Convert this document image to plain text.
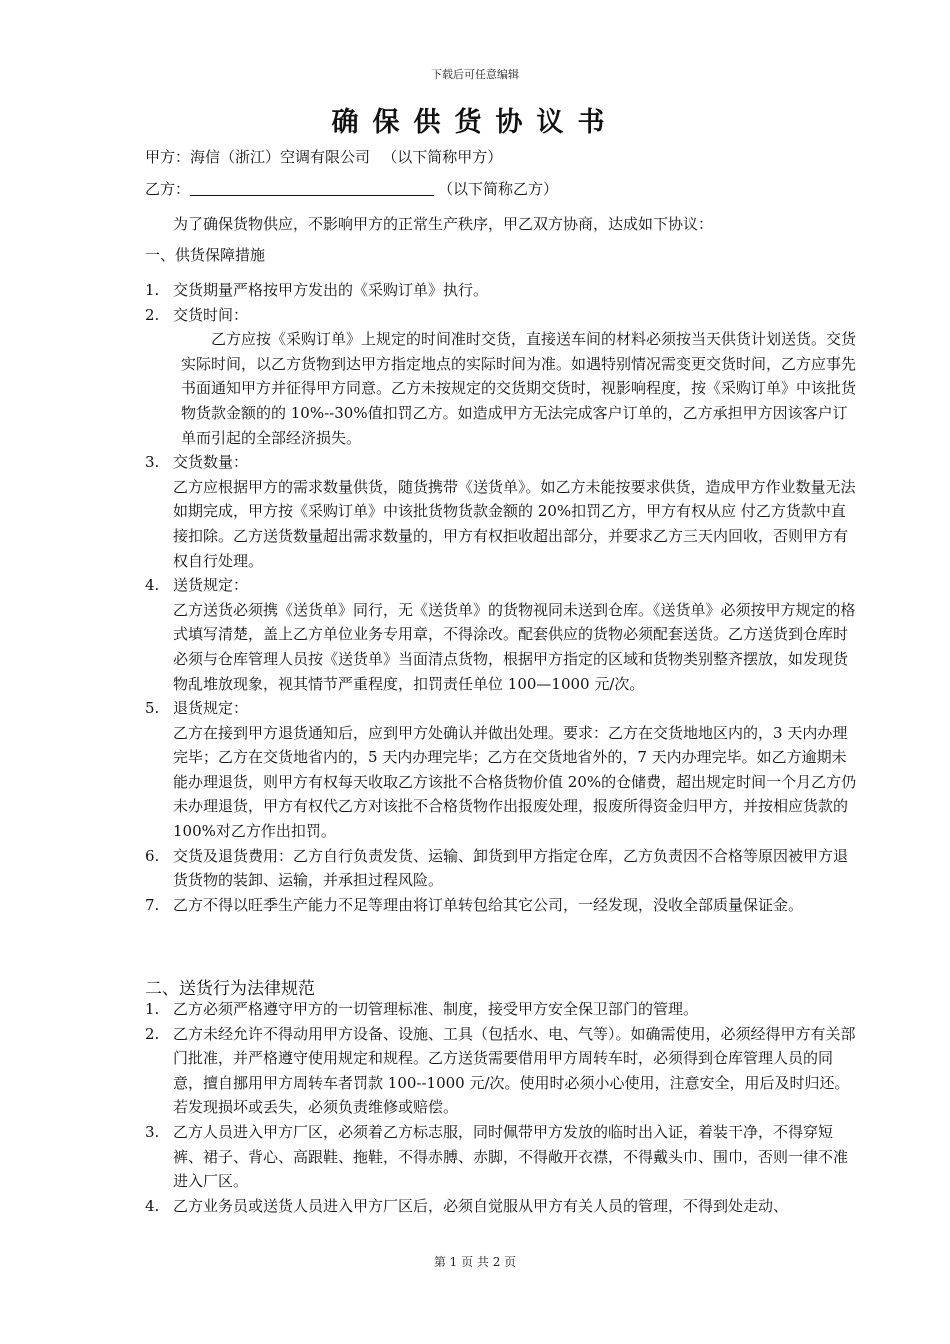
下载后可任意编辑
确保供货协议书
甲方：海信（浙江）空调有限公司 　（以下简称甲方）
乙方：	（以下简称乙方）
为了确保货物供应，不影响甲方的正常生产秩序，甲乙双方协商，达成如下协议：
一、供货保障措施
1. 交货期量严格按甲方发出的《采购订单》执行。
2. 交货时间：
乙方应按《采购订单》上规定的时间准时交货，直接送车间的材料必须按当天供货计划送货。交货实际时间，以乙方货物到达甲方指定地点的实际时间为准。如遇特别情况需变更交货时间，乙方应事先书面通知甲方并征得甲方同意。乙方未按规定的交货期交货时，视影响程度，按《采购订单》中该批货物货款金额的的 10%--30%值扣罚乙方。如造成甲方无法完成客户订单的，乙方承担甲方因该客户订单而引起的全部经济损失。
3. 交货数量：
乙方应根据甲方的需求数量供货，随货携带《送货单》。如乙方未能按要求供货，造成甲方作业数量无法如期完成，甲方按《采购订单》中该批货物货款金额的 20%扣罚乙方，甲方有权从应 付乙方货款中直接扣除。乙方送货数量超出需求数量的，甲方有权拒收超出部分，并要求乙方三天内回收，否则甲方有权自行处理。
4. 送货规定：
乙方送货必须携《送货单》同行，无《送货单》的货物视同未送到仓库。《送货单》必须按甲方规定的格式填写清楚，盖上乙方单位业务专用章，不得涂改。配套供应的货物必须配套送货。乙方送货到仓库时必须与仓库管理人员按《送货单》当面清点货物，根据甲方指定的区域和货物类别整齐摆放，如发现货物乱堆放现象，视其情节严重程度，扣罚责任单位 100—1000 元/次。
5. 退货规定：
乙方在接到甲方退货通知后，应到甲方处确认并做出处理。要求：乙方在交货地地区内的，3 天内办理完毕；乙方在交货地省内的，5 天内办理完毕；乙方在交货地省外的，7 天内办理完毕。如乙方逾期未能办理退货，则甲方有权每天收取乙方该批不合格货物价值 20%的仓储费，超出规定时间一个月乙方仍未办理退货，甲方有权代乙方对该批不合格货物作出报废处理，报废所得资金归甲方，并按相应货款的 100%对乙方作出扣罚。
6. 交货及退货费用：乙方自行负责发货、运输、卸货到甲方指定仓库，乙方负责因不合格等原因被甲方退货货物的装卸、运输，并承担过程风险。
7. 乙方不得以旺季生产能力不足等理由将订单转包给其它公司，一经发现，没收全部质量保证金。
二、送货行为法律规范
1. 乙方必须严格遵守甲方的一切管理标准、制度，接受甲方安全保卫部门的管理。
2. 乙方未经允许不得动用甲方设备、设施、工具（包括水、电、气等）。如确需使用，必须经得甲方有关部门批准，并严格遵守使用规定和规程。乙方送货需要借用甲方周转车时，必须得到仓库管理人员的同意，擅自挪用甲方周转车者罚款 100--1000 元/次。使用时必须小心使用，注意安全，用后及时归还。若发现损坏或丢失，必须负责维修或赔偿。
3. 乙方人员进入甲方厂区，必须着乙方标志服，同时佩带甲方发放的临时出入证，着装干净，不得穿短裤、裙子、背心、高跟鞋、拖鞋，不得赤膊、赤脚，不得敞开衣襟，不得戴头巾、围巾，否则一律不准进入厂区。
4. 乙方业务员或送货人员进入甲方厂区后，必须自觉服从甲方有关人员的管理，不得到处走动、
第 1 页 共 2 页
